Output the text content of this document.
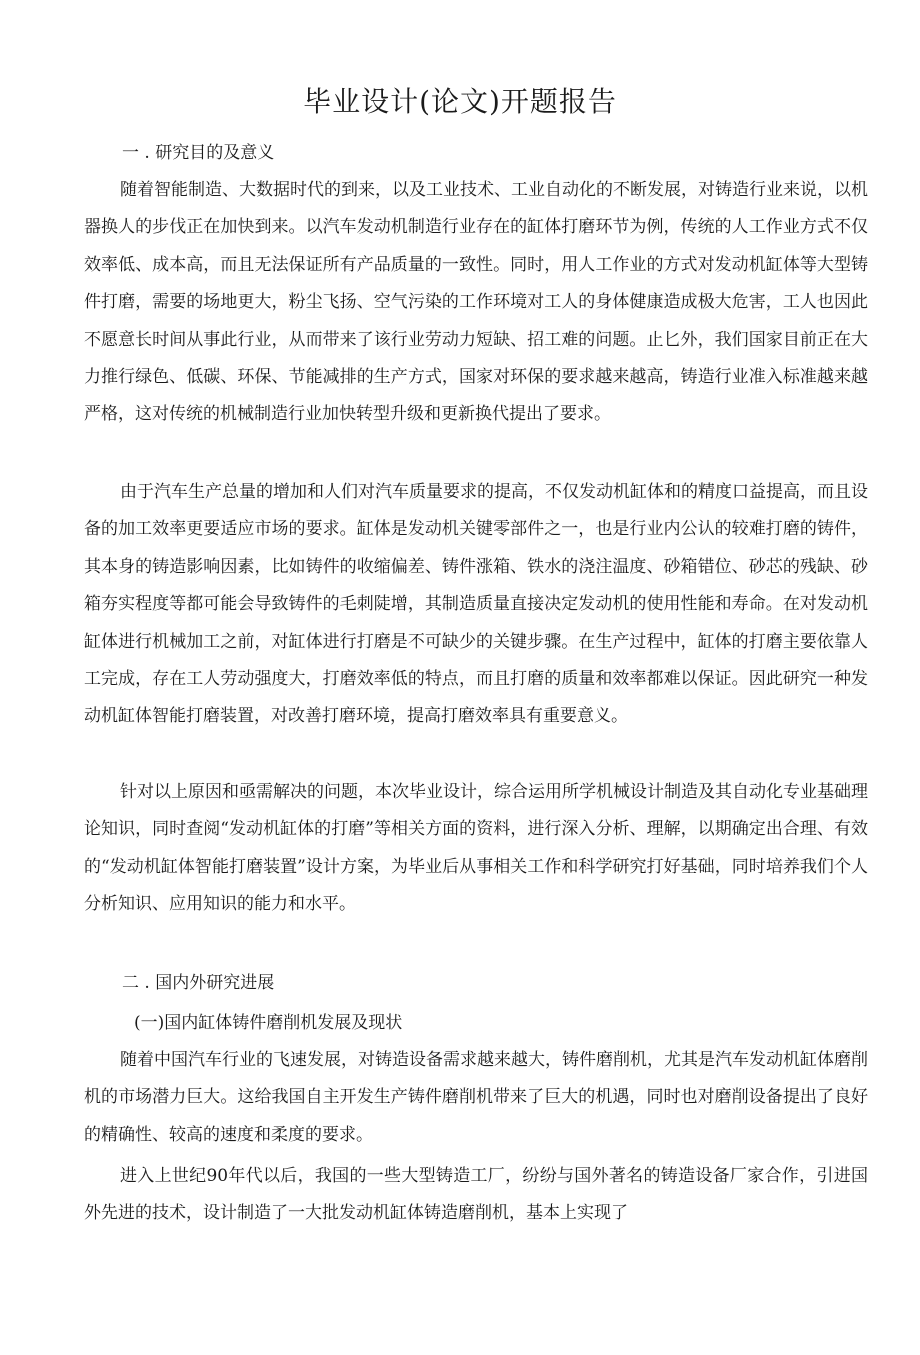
毕业设计(论文)开题报告
一 . 研究目的及意义

随着智能制造、大数据时代的到来，以及工业技术、工业自动化的不断发展，对铸造行业来说，以机器换人的步伐正在加快到来。以汽车发动机制造行业存在的缸体打磨环节为例，传统的人工作业方式不仅效率低、成本高，而且无法保证所有产品质量的一致性。同时，用人工作业的方式对发动机缸体等大型铸件打磨，需要的场地更大，粉尘飞扬、空气污染的工作环境对工人的身体健康造成极大危害，工人也因此不愿意长时间从事此行业，从而带来了该行业劳动力短缺、招工难的问题。止匕外，我们国家目前正在大力推行绿色、低碳、环保、节能减排的生产方式，国家对环保的要求越来越高，铸造行业准入标准越来越严格，这对传统的机械制造行业加快转型升级和更新换代提出了要求。

由于汽车生产总量的增加和人们对汽车质量要求的提高，不仅发动机缸体和的精度口益提高，而且设备的加工效率更要适应市场的要求。缸体是发动机关键零部件之一，也是行业内公认的较难打磨的铸件，其本身的铸造影响因素，比如铸件的收缩偏差、铸件涨箱、铁水的浇注温度、砂箱错位、砂芯的残缺、砂箱夯实程度等都可能会导致铸件的毛刺陡增，其制造质量直接决定发动机的使用性能和寿命。在对发动机缸体进行机械加工之前，对缸体进行打磨是不可缺少的关键步骤。在生产过程中，缸体的打磨主要依靠人工完成，存在工人劳动强度大，打磨效率低的特点，而且打磨的质量和效率都难以保证。因此研究一种发动机缸体智能打磨装置，对改善打磨环境，提高打磨效率具有重要意义。

针对以上原因和亟需解决的问题，本次毕业设计，综合运用所学机械设计制造及其自动化专业基础理论知识，同时查阅“发动机缸体的打磨”等相关方面的资料，进行深入分析、理解，以期确定出合理、有效的“发动机缸体智能打磨装置”设计方案，为毕业后从事相关工作和科学研究打好基础，同时培养我们个人分析知识、应用知识的能力和水平。

二 . 国内外研究进展
(一)国内缸体铸件磨削机发展及现状

随着中国汽车行业的飞速发展，对铸造设备需求越来越大，铸件磨削机，尤其是汽车发动机缸体磨削机的市场潜力巨大。这给我国自主开发生产铸件磨削机带来了巨大的机遇，同时也对磨削设备提出了良好的精确性、较高的速度和柔度的要求。

进入上世纪90年代以后，我国的一些大型铸造工厂，纷纷与国外著名的铸造设备厂家合作，引进国外先进的技术，设计制造了一大批发动机缸体铸造磨削机，基本上实现了
